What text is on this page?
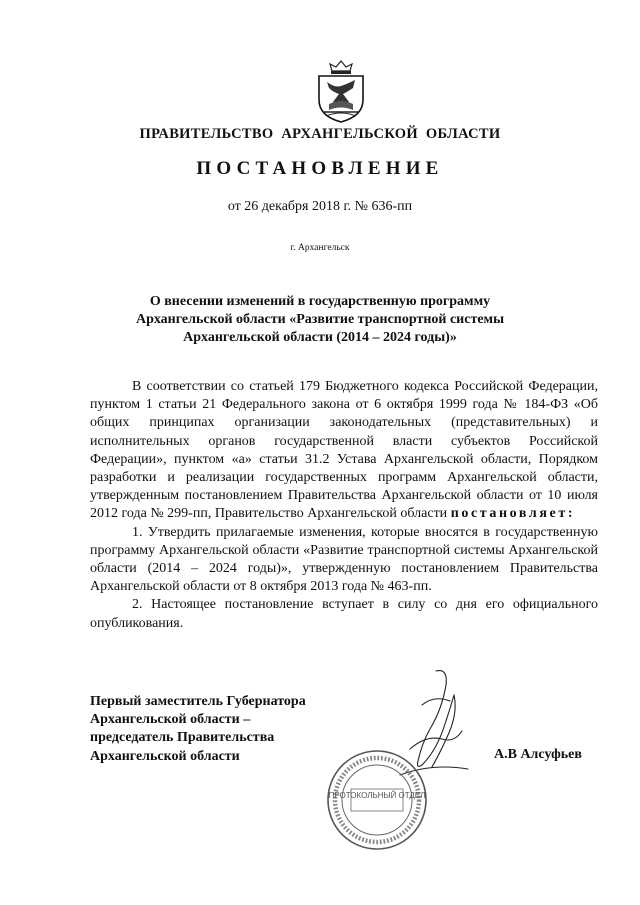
ПРАВИТЕЛЬСТВО АРХАНГЕЛЬСКОЙ ОБЛАСТИ
ПОСТАНОВЛЕНИЕ
от 26 декабря 2018 г. № 636-пп
г. Архангельск
О внесении изменений в государственную программу
Архангельской области «Развитие транспортной системы
Архангельской области (2014 – 2024 годы)»

В соответствии со статьей 179 Бюджетного кодекса Российской Федерации, пунктом 1 статьи 21 Федерального закона от 6 октября 1999 года № 184-ФЗ «Об общих принципах организации законодательных (представительных) и исполнительных органов государственной власти субъектов Российской Федерации», пунктом «а» статьи 31.2 Устава Архангельской области, Порядком разработки и реализации государственных программ Архангельской области, утвержденным постановлением Правительства Архангельской области от 10 июля 2012 года № 299-пп, Правительство Архангельской области постановляет:

1. Утвердить прилагаемые изменения, которые вносятся в государственную программу Архангельской области «Развитие транспортной системы Архангельской области (2014 – 2024 годы)», утвержденную постановлением Правительства Архангельской области от 8 октября 2013 года № 463-пп.

2. Настоящее постановление вступает в силу со дня его официального опубликования.

Первый заместитель Губернатора
Архангельской области –
председатель Правительства
Архангельской области
ПРОТОКОЛЬНЫЙ ОТДЕЛ
А.В Алсуфьев
